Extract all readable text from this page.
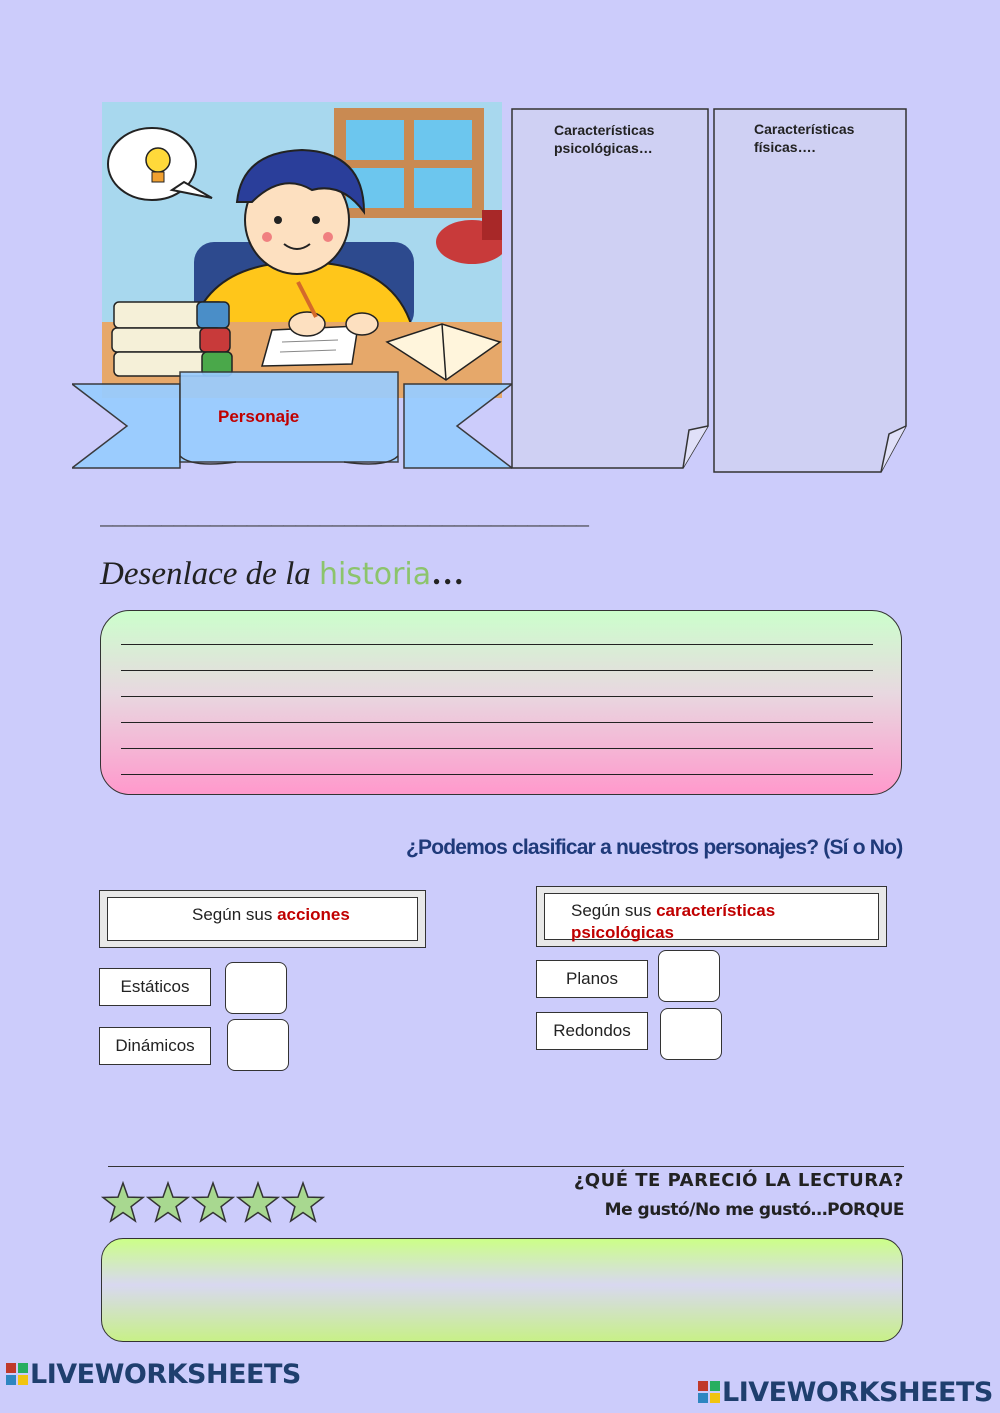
Personaje
Características psicológicas…
Características físicas….
________________________________________
Desenlace de la historia…
¿Podemos clasificar a nuestros personajes? (Sí o No)
Según sus acciones	Según sus características psicológicas
Estáticos
Dinámicos
Planos
Redondos
¿QUÉ TE PARECIÓ LA LECTURA?
Me gustó/No me gustó…PORQUE
LIVEWORKSHEETS
LIVEWORKSHEETS
